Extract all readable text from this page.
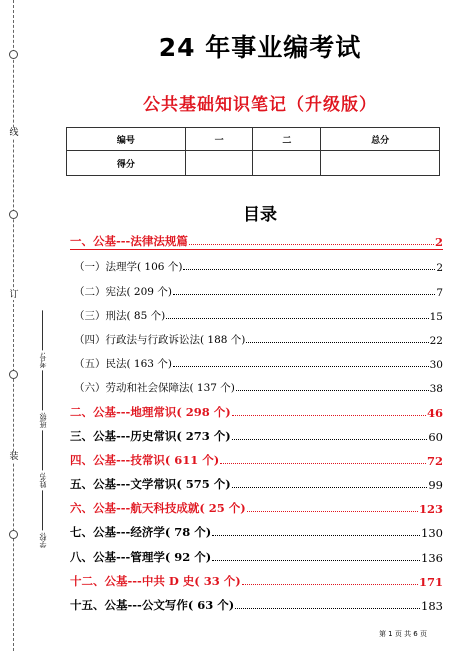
线
订
装
考号:
班级:
姓名:
学校:
24 年事业编考试
公共基础知识笔记（升级版）
编号	一	二	总分
得分			
目录
一、公基---法律法规篇	2
（一）法理学( 106 个)	2
（二）宪法( 209 个)	7
（三）刑法( 85 个)	15
（四）行政法与行政诉讼法( 188 个)	22
（五）民法( 163 个)	30
（六）劳动和社会保障法( 137 个)	38
二、公基---地理常识( 298 个)	46
三、公基---历史常识( 273 个)	60
四、公基---技常识( 611 个)	72
五、公基---文学常识( 575 个)	99
六、公基---航天科技成就( 25 个)	123
七、公基---经济学( 78 个)	130
八、公基---管理学( 92 个)	136
十二、公基---中共 D 史( 33 个)	171
十五、公基---公文写作( 63 个)	183
第 1 页 共 6 页
